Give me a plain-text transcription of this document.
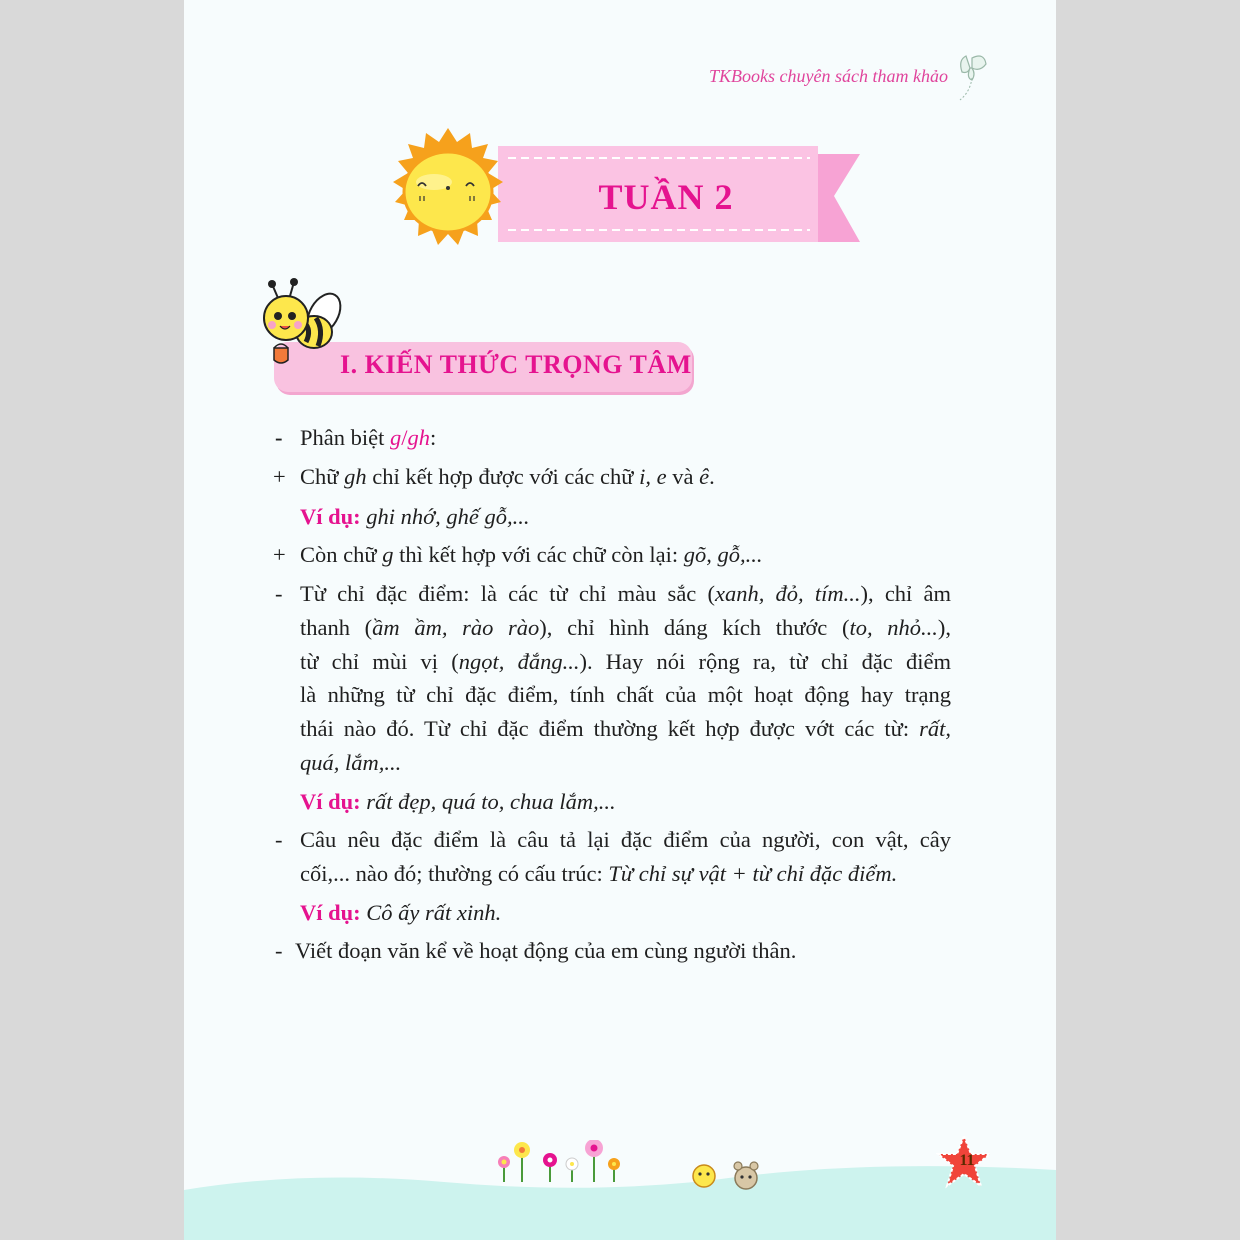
TKBooks chuyên sách tham khảo
TUẦN 2
I. KIẾN THỨC TRỌNG TÂM
- Phân biệt g/gh:
+ Chữ gh chỉ kết hợp được với các chữ i, e và ê.
Ví dụ: ghi nhớ, ghế gỗ,...
+ Còn chữ g thì kết hợp với các chữ còn lại: gõ, gỗ,...
- Từ chỉ đặc điểm: là các từ chỉ màu sắc (xanh, đỏ, tím...), chỉ âm
thanh (ầm ầm, rào rào), chỉ hình dáng kích thước (to, nhỏ...),
từ chỉ mùi vị (ngọt, đắng...). Hay nói rộng ra, từ chỉ đặc điểm
là những từ chỉ đặc điểm, tính chất của một hoạt động hay trạng
thái nào đó. Từ chỉ đặc điểm thường kết hợp được vớt các từ: rất,
quá, lắm,...
Ví dụ: rất đẹp, quá to, chua lắm,...
- Câu nêu đặc điểm là câu tả lại đặc điểm của người, con vật, cây
cối,... nào đó; thường có cấu trúc: Từ chỉ sự vật + từ chỉ đặc điểm.
Ví dụ: Cô ấy rất xinh.
- Viết đoạn văn kể về hoạt động của em cùng người thân.
11
